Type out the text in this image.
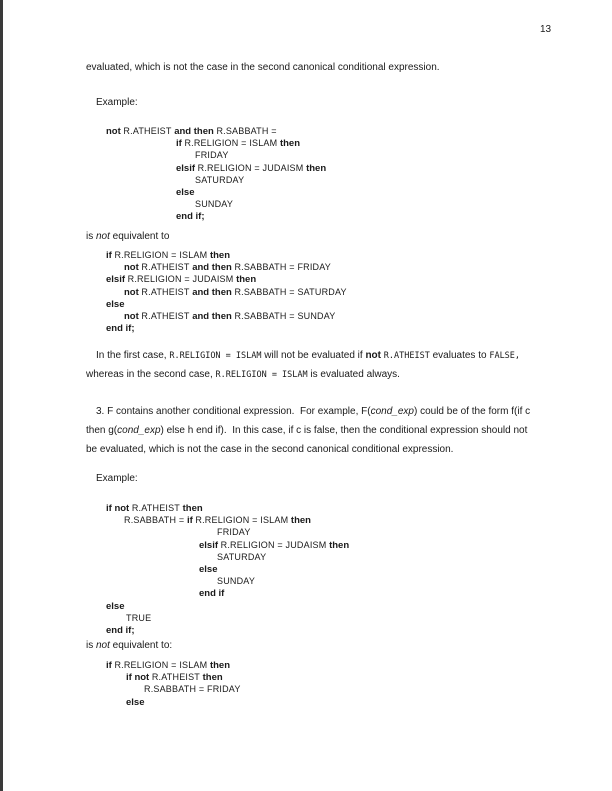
13
evaluated, which is not the case in the second canonical conditional expression.
Example:
not R.ATHEIST and then R.SABBATH =
if R.RELIGION = ISLAM then
FRIDAY
elsif R.RELIGION = JUDAISM then
SATURDAY
else
SUNDAY
end if;
is not equivalent to
if R.RELIGION = ISLAM then
not R.ATHEIST and then R.SABBATH = FRIDAY
elsif R.RELIGION = JUDAISM then
not R.ATHEIST and then R.SABBATH = SATURDAY
else
not R.ATHEIST and then R.SABBATH = SUNDAY
end if;
In the first case, R.RELIGION = ISLAM will not be evaluated if not R.ATHEIST evaluates to FALSE,
whereas in the second case, R.RELIGION = ISLAM is evaluated always.
3. F contains another conditional expression.  For example, F(cond_exp) could be of the form f(if c
then g(cond_exp) else h end if).  In this case, if c is false, then the conditional expression should not
be evaluated, which is not the case in the second canonical conditional expression.
Example:
if not R.ATHEIST then
R.SABBATH = if R.RELIGION = ISLAM then
FRIDAY
elsif R.RELIGION = JUDAISM then
SATURDAY
else
SUNDAY
end if
else
TRUE
end if;
is not equivalent to:
if R.RELIGION = ISLAM then
if not R.ATHEIST then
R.SABBATH = FRIDAY
else
